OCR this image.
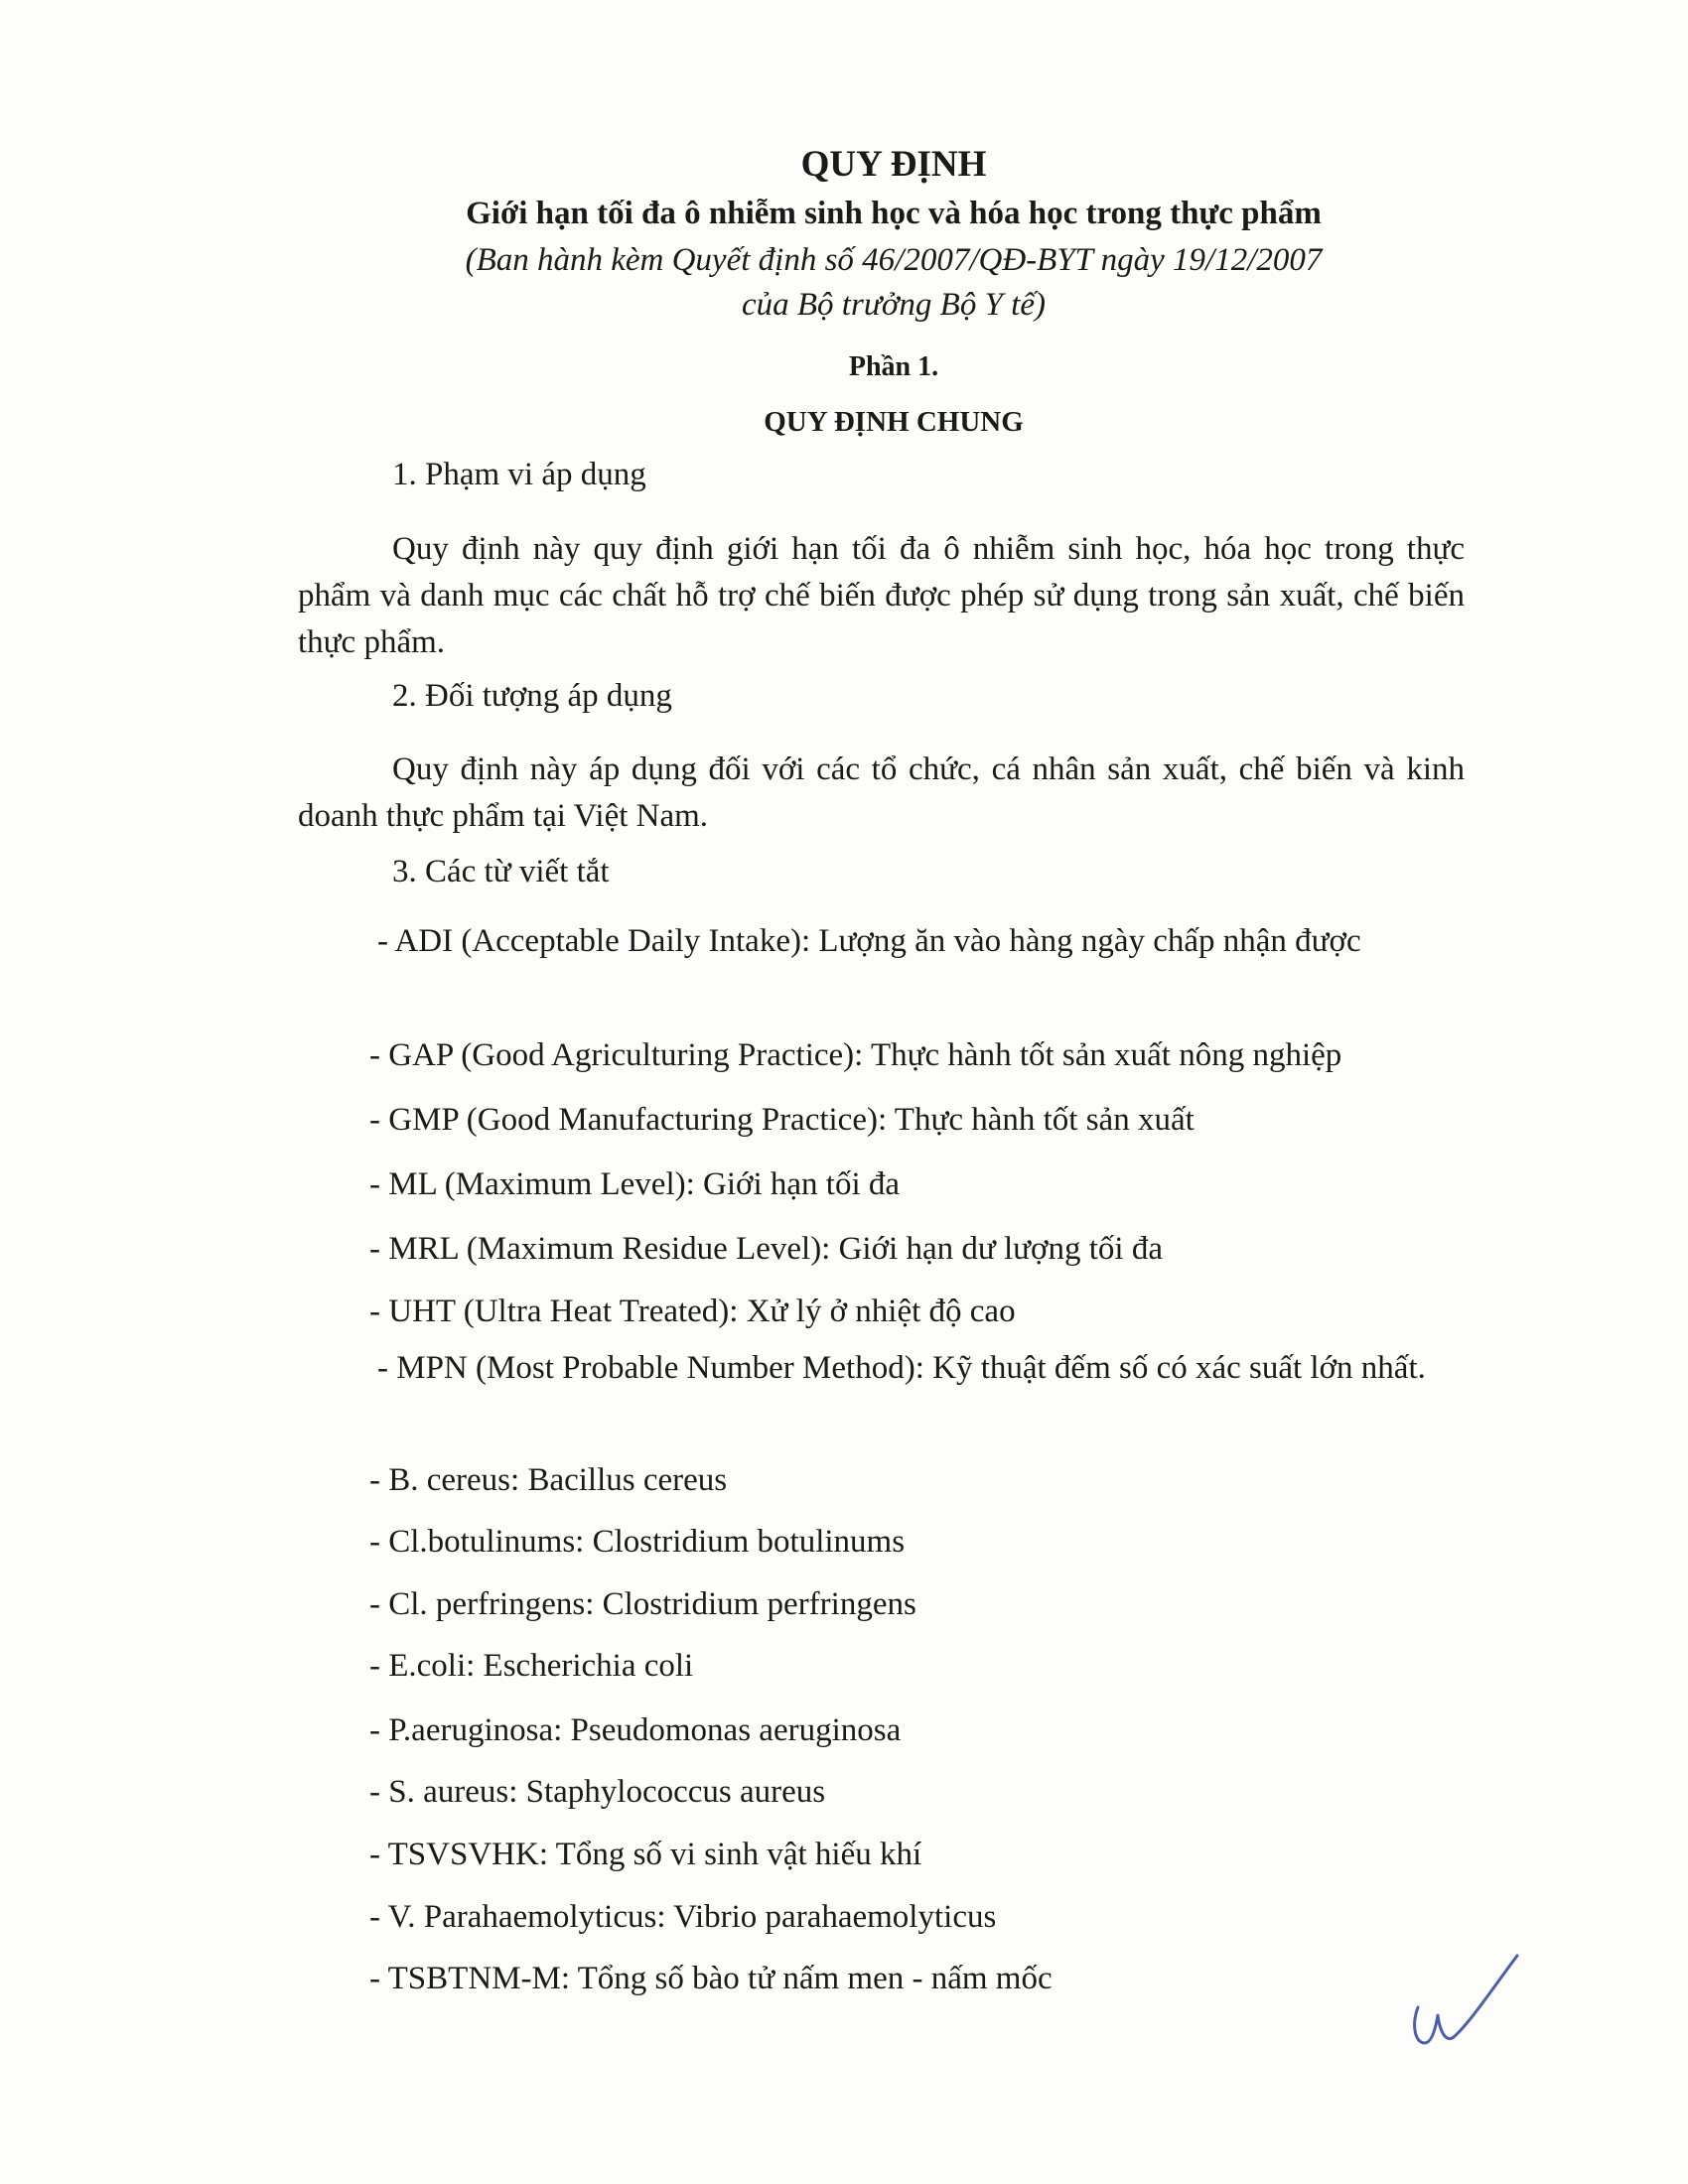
QUY ĐỊNH

Giới hạn tối đa ô nhiễm sinh học và hóa học trong thực phẩm

(Ban hành kèm Quyết định số 46/2007/QĐ-BYT ngày 19/12/2007

của Bộ trưởng Bộ Y tế)

Phần 1.

QUY ĐỊNH CHUNG

1. Phạm vi áp dụng

Quy định này quy định giới hạn tối đa ô nhiễm sinh học, hóa học trong thực phẩm và danh mục các chất hỗ trợ chế biến được phép sử dụng trong sản xuất, chế biến thực phẩm.

2. Đối tượng áp dụng

Quy định này áp dụng đối với các tổ chức, cá nhân sản xuất, chế biến và kinh doanh thực phẩm tại Việt Nam.

3. Các từ viết tắt

- ADI (Acceptable Daily Intake): Lượng ăn vào hàng ngày chấp nhận được

- GAP (Good Agriculturing Practice): Thực hành tốt sản xuất nông nghiệp

- GMP (Good Manufacturing Practice): Thực hành tốt sản xuất

- ML (Maximum Level): Giới hạn tối đa

- MRL (Maximum Residue Level): Giới hạn dư lượng tối đa

- UHT (Ultra Heat Treated): Xử lý ở nhiệt độ cao

- MPN (Most Probable Number Method): Kỹ thuật đếm số có xác suất lớn nhất.

- B. cereus: Bacillus cereus

- Cl.botulinums: Clostridium botulinums

- Cl. perfringens: Clostridium perfringens

- E.coli: Escherichia coli

- P.aeruginosa: Pseudomonas aeruginosa

- S. aureus: Staphylococcus aureus

- TSVSVHK: Tổng số vi sinh vật hiếu khí

- V. Parahaemolyticus: Vibrio parahaemolyticus

- TSBTNM-M: Tổng số bào tử nấm men - nấm mốc
